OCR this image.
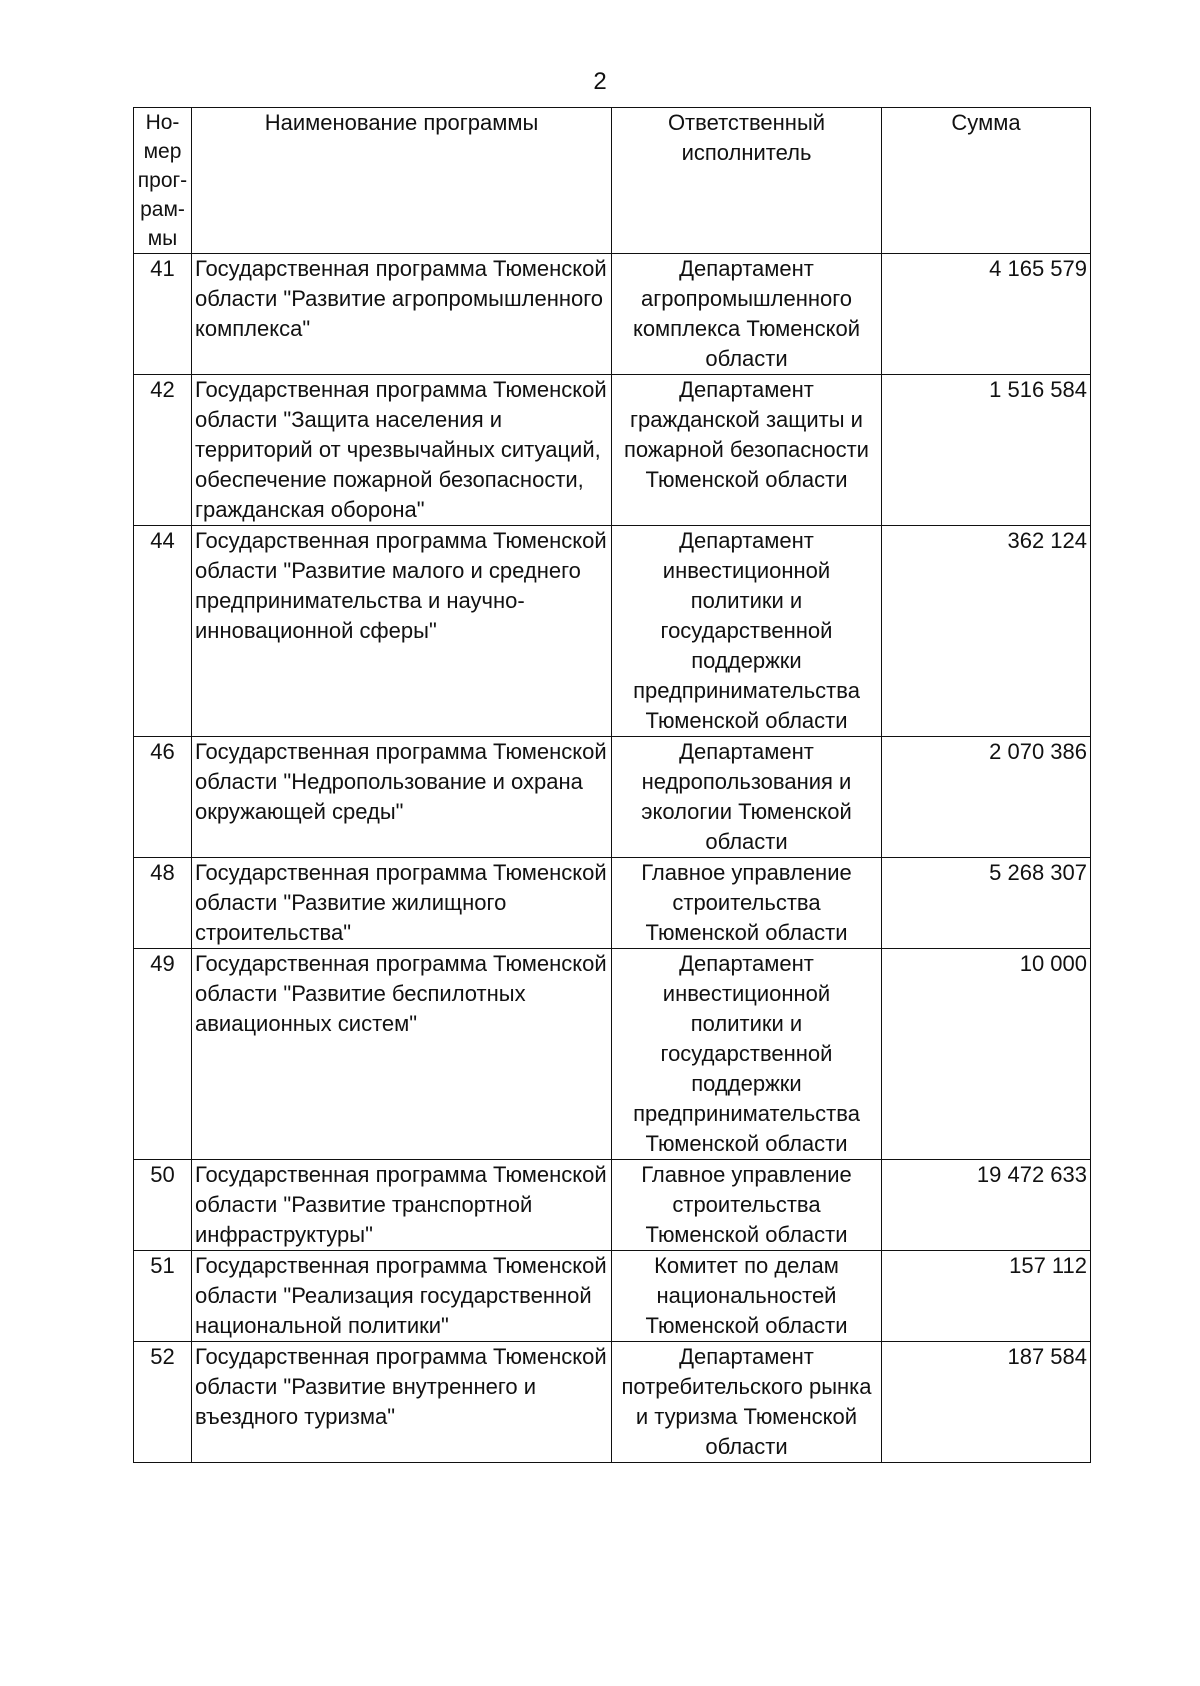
2
Но-
мер
прог-
рам-
мы	Наименование программы	Ответственный исполнитель	Сумма
41	Государственная программа Тюменской области "Развитие агропромышленного комплекса"	Департамент агропромышленного комплекса Тюменской области	4 165 579
42	Государственная программа Тюменской области "Защита населения и территорий от чрезвычайных ситуаций, обеспечение пожарной безопасности, гражданская оборона"	Департамент гражданской защиты и пожарной безопасности Тюменской области	1 516 584
44	Государственная программа Тюменской области "Развитие малого и среднего предпринимательства и научно-инновационной сферы"	Департамент инвестиционной политики и государственной поддержки предпринимательства Тюменской области	362 124
46	Государственная программа Тюменской области "Недропользование и охрана окружающей среды"	Департамент недропользования и экологии Тюменской области	2 070 386
48	Государственная программа Тюменской области "Развитие жилищного строительства"	Главное управление строительства Тюменской области	5 268 307
49	Государственная программа Тюменской области "Развитие беспилотных авиационных систем"	Департамент инвестиционной политики и государственной поддержки предпринимательства Тюменской области	10 000
50	Государственная программа Тюменской области "Развитие транспортной инфраструктуры"	Главное управление строительства Тюменской области	19 472 633
51	Государственная программа Тюменской области "Реализация государственной национальной политики"	Комитет по делам национальностей Тюменской области	157 112
52	Государственная программа Тюменской области "Развитие внутреннего и въездного туризма"	Департамент потребительского рынка и туризма Тюменской области	187 584
